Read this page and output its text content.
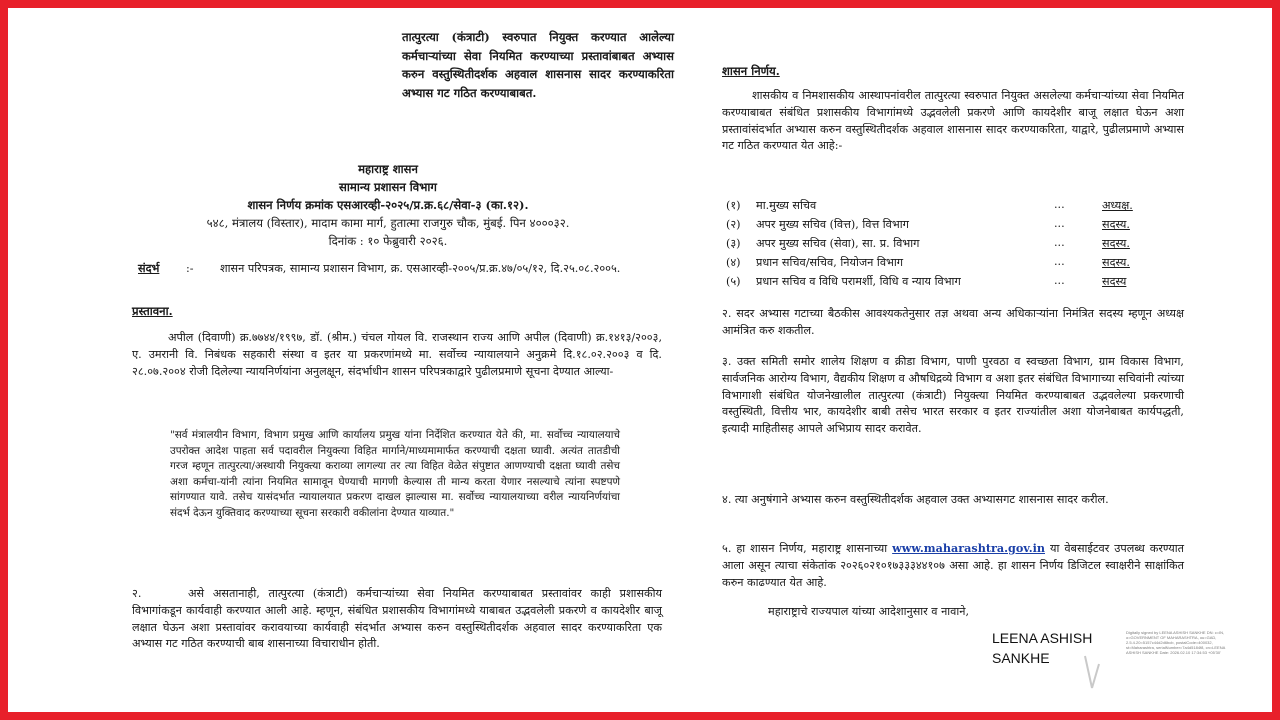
तात्पुरत्या (कंत्राटी) स्वरुपात नियुक्त करण्यात आलेल्या कर्मचाऱ्यांच्या सेवा नियमित करण्याच्या प्रस्तावांबाबत अभ्यास करुन वस्तुस्थितीदर्शक अहवाल शासनास सादर करण्याकरिता अभ्यास गट गठित करण्याबाबत.
महाराष्ट्र शासन
सामान्य प्रशासन विभाग
शासन निर्णय क्रमांक एसआरव्ही-२०२५/प्र.क्र.६८/सेवा-३ (का.१२).
५४८, मंत्रालय (विस्तार), मादाम कामा मार्ग, हुतात्मा राजगुरु चौक, मुंबई. पिन ४०००३२.
दिनांक : १० फेब्रुवारी २०२६.
संदर्भ :- शासन परिपत्रक, सामान्य प्रशासन विभाग, क्र. एसआरव्ही-२००५/प्र.क्र.४७/०५/१२, दि.२५.०८.२००५.
प्रस्तावना.
अपील (दिवाणी) क्र.७७४४/१९९७, डॉ. (श्रीम.) चंचल गोयल वि. राजस्थान राज्य आणि अपील (दिवाणी) क्र.१४१३/२००३, ए. उमरानी वि. निबंधक सहकारी संस्था व इतर या प्रकरणांमध्ये मा. सर्वोच्च न्यायालयाने अनुक्रमे दि.१८.०२.२००३ व दि. २८.०७.२००४ रोजी दिलेल्या न्यायनिर्णयांना अनुलक्षून, संदर्भाधीन शासन परिपत्रकाद्वारे पुढीलप्रमाणे सूचना देण्यात आल्या-
"सर्व मंत्रालयीन विभाग, विभाग प्रमुख आणि कार्यालय प्रमुख यांना निर्देशित करण्यात येते की, मा. सर्वोच्च न्यायालयाचे उपरोक्त आदेश पाहता सर्व पदावरील नियुक्त्या विहित मार्गाने/माध्यमामार्फत करण्याची दक्षता घ्यावी. अत्यंत तातडीची गरज म्हणून तात्पुरत्या/अस्थायी नियुक्त्या कराव्या लागल्या तर त्या विहित वेळेत संपुष्टात आणण्याची दक्षता घ्यावी तसेच अशा कर्मचा-यांनी त्यांना नियमित सामावून घेण्याची मागणी केल्यास ती मान्य करता येणार नसल्याचे त्यांना स्पष्टपणे सांगण्यात यावे. तसेच यासंदर्भात न्यायालयात प्रकरण दाखल झाल्यास मा. सर्वोच्च न्यायालयाच्या वरील न्यायनिर्णयांचा संदर्भ देऊन युक्तिवाद करण्याच्या सूचना सरकारी वकीलांना देण्यात याव्यात."
२.	असे असतानाही, तात्पुरत्या (कंत्राटी) कर्मचाऱ्यांच्या सेवा नियमित करण्याबाबत प्रस्तावांवर काही प्रशासकीय विभागांकडून कार्यवाही करण्यात आली आहे. म्हणून, संबंधित प्रशासकीय विभागांमध्ये याबाबत उद्भवलेली प्रकरणे व कायदेशीर बाजू लक्षात घेऊन अशा प्रस्तावांवर करावयाच्या कार्यवाही संदर्भात अभ्यास करुन वस्तुस्थितीदर्शक अहवाल सादर करण्याकरिता एक अभ्यास गट गठित करण्याची बाब शासनाच्या विचाराधीन होती.
शासन निर्णय.
शासकीय व निमशासकीय आस्थापनांवरील तात्पुरत्या स्वरुपात नियुक्त असलेल्या कर्मचाऱ्यांच्या सेवा नियमित करण्याबाबत संबंधित प्रशासकीय विभागांमध्ये उद्भवलेली प्रकरणे आणि कायदेशीर बाजू लक्षात घेऊन अशा प्रस्तावांसंदर्भात अभ्यास करुन वस्तुस्थितीदर्शक अहवाल शासनास सादर करण्याकरिता, याद्वारे, पुढीलप्रमाणे अभ्यास गट गठित करण्यात येत आहे:-
(१) मा.मुख्य सचिव	...	अध्यक्ष.
(२) अपर मुख्य सचिव (वित्त), वित्त विभाग	...	सदस्य.
(३) अपर मुख्य सचिव (सेवा), सा. प्र. विभाग	...	सदस्य.
(४) प्रधान सचिव/सचिव, नियोजन विभाग	...	सदस्य.
(५) प्रधान सचिव व विधि परामर्शी, विधि व न्याय विभाग	...	सदस्य
२. सदर अभ्यास गटाच्या बैठकीस आवश्यकतेनुसार तज्ञ अथवा अन्य अधिकाऱ्यांना निमंत्रित सदस्य म्हणून अध्यक्ष आमंत्रित करु शकतील.
३. उक्त समिती समोर शालेय शिक्षण व क्रीडा विभाग, पाणी पुरवठा व स्वच्छता विभाग, ग्राम विकास विभाग, सार्वजनिक आरोग्य विभाग, वैद्यकीय शिक्षण व औषधिद्रव्ये विभाग व अशा इतर संबंधित विभागाच्या सचिवांनी त्यांच्या विभागाशी संबंधित योजनेखालील तात्पुरत्या (कंत्राटी) नियुक्त्या नियमित करण्याबाबत उद्भवलेल्या प्रकरणाची वस्तुस्थिती, वित्तीय भार, कायदेशीर बाबी तसेच भारत सरकार व इतर राज्यांतील अशा योजनेबाबत कार्यपद्धती, इत्यादी माहितीसह आपले अभिप्राय सादर करावेत.
४. त्या अनुषंगाने अभ्यास करुन वस्तुस्थितीदर्शक अहवाल उक्त अभ्यासगट शासनास सादर करील.
५. हा शासन निर्णय, महाराष्ट्र शासनाच्या www.maharashtra.gov.in या वेबसाईटवर उपलब्ध करण्यात आला असून त्याचा संकेतांक २०२६०२१०१७३३३४४१०७ असा आहे. हा शासन निर्णय डिजिटल स्वाक्षरीने साक्षांकित करुन काढण्यात येत आहे.
महाराष्ट्राचे राज्यपाल यांच्या आदेशानुसार व नावाने,
LEENA ASHISH
SANKHE
Digitally signed by LEENA ASHISH SANKHE DN: c=IN, o=GOVERNMENT OF MAHARASHTRA, ou=GAD, 2.5.4.20=5157c44d2d6bcb, postalCode=400032, st=Maharashtra, serialNumber=7a4d5184f8, cn=LEENA ASHISH SANKHE Date: 2026.02.10 17:34:53 +05'30'
